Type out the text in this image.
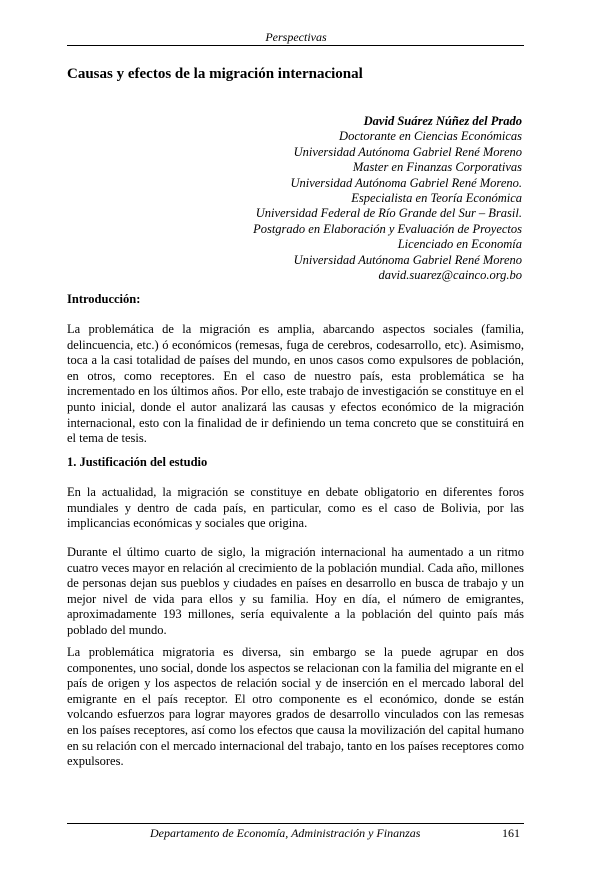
Perspectivas
Causas y efectos de la migración internacional
David Suárez Núñez del Prado
Doctorante en Ciencias Económicas
Universidad Autónoma Gabriel René Moreno
Master en Finanzas Corporativas
Universidad Autónoma Gabriel René Moreno.
Especialista en Teoría Económica
Universidad Federal de Río Grande del Sur – Brasil.
Postgrado en Elaboración y Evaluación de Proyectos
Licenciado en Economía
Universidad Autónoma Gabriel René Moreno
david.suarez@cainco.org.bo
Introducción:

La problemática de la migración es amplia, abarcando aspectos sociales (familia, delincuencia, etc.) ó económicos (remesas, fuga de cerebros, codesarrollo, etc). Asimismo, toca a la casi totalidad de países del mundo, en unos casos como expulsores de población, en otros, como receptores. En el caso de nuestro país, esta problemática se ha incrementado en los últimos años. Por ello, este trabajo de investigación se constituye en el punto inicial, donde el autor analizará las causas y efectos económico de la migración internacional, esto con la finalidad de ir definiendo un tema concreto que se constituirá en el tema de tesis.

1. Justificación del estudio

En la actualidad, la migración se constituye en debate obligatorio en diferentes foros mundiales y dentro de cada país, en particular, como es el caso de Bolivia, por las implicancias económicas y sociales que origina.

Durante el último cuarto de siglo, la migración internacional ha aumentado a un ritmo cuatro veces mayor en relación al crecimiento de la población mundial. Cada año, millones de personas dejan sus pueblos y ciudades en países en desarrollo en busca de trabajo y un mejor nivel de vida para ellos y su familia. Hoy en día, el número de emigrantes, aproximadamente 193 millones, sería equivalente a la población del quinto país más poblado del mundo.

La problemática migratoria es diversa, sin embargo se la puede agrupar en dos componentes, uno social, donde los aspectos se relacionan con la familia del migrante en el país de origen y los aspectos de relación social y de inserción en el mercado laboral del emigrante en el país receptor. El otro componente es el económico, donde se están volcando esfuerzos para lograr mayores grados de desarrollo vinculados con las remesas en los países receptores, así como los efectos que causa la movilización del capital humano en su relación con el mercado internacional del trabajo, tanto en los países receptores como expulsores.

Departamento de Economía, Administración y Finanzas	161
